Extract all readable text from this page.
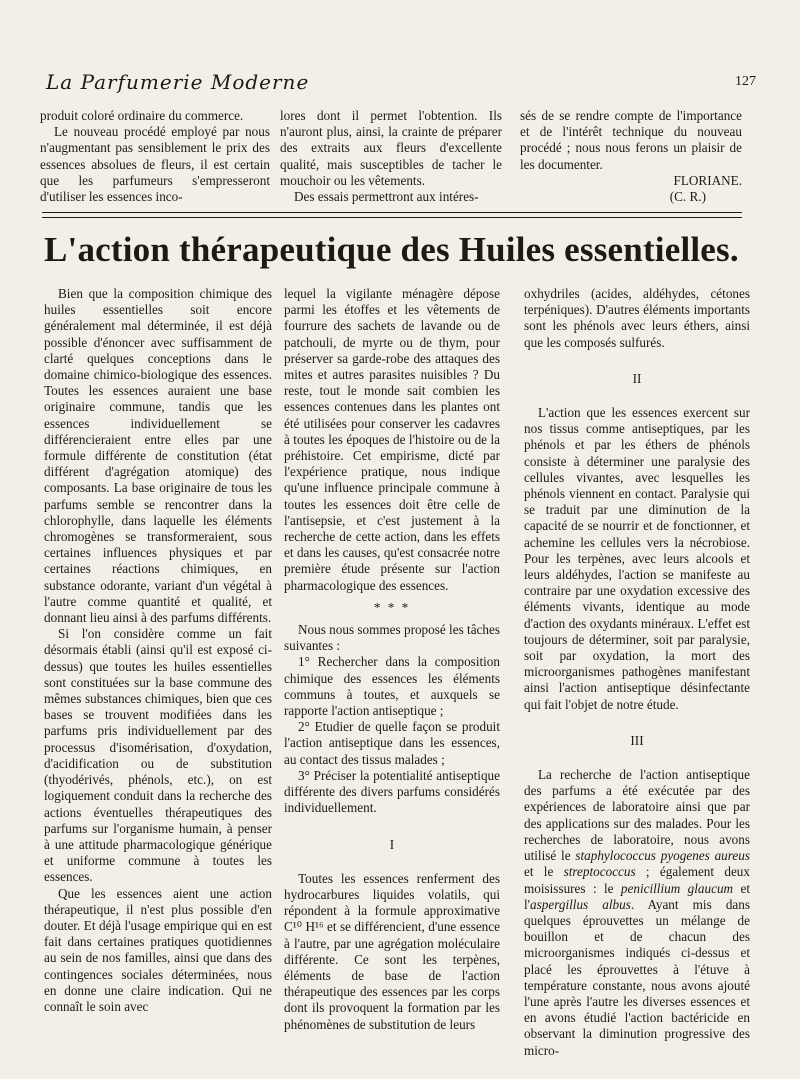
La Parfumerie Moderne	127

produit coloré ordinaire du commerce.

Le nouveau procédé employé par nous n'augmentant pas sensiblement le prix des essences absolues de fleurs, il est certain que les parfumeurs s'empresseront d'utiliser les essences inco-

lores dont il permet l'obtention. Ils n'auront plus, ainsi, la crainte de préparer des extraits aux fleurs d'excellente qualité, mais susceptibles de tacher le mouchoir ou les vêtements.

Des essais permettront aux intéres-

sés de se rendre compte de l'importance et de l'intérêt technique du nouveau procédé ; nous nous ferons un plaisir de les documenter.

FLORIANE.

(C. R.)

L'action thérapeutique des Huiles essentielles.

Bien que la composition chimique des huiles essentielles soit encore généralement mal déterminée, il est déjà possible d'énoncer avec suffisamment de clarté quelques conceptions dans le domaine chimico-biologique des essences. Toutes les essences auraient une base originaire commune, tandis que les essences individuellement se différencieraient entre elles par une formule différente de constitution (état différent d'agrégation atomique) des composants. La base originaire de tous les parfums semble se rencontrer dans la chlorophylle, dans laquelle les éléments chromogènes se transformeraient, sous certaines influences physiques et par certaines réactions chimiques, en substance odorante, variant d'un végétal à l'autre comme quantité et qualité, et donnant lieu ainsi à des parfums différents.

Si l'on considère comme un fait désormais établi (ainsi qu'il est exposé ci-dessus) que toutes les huiles essentielles sont constituées sur la base commune des mêmes substances chimiques, bien que ces bases se trouvent modifiées dans les parfums pris individuellement par des processus d'isomérisation, d'oxydation, d'acidification ou de substitution (thyodérivés, phénols, etc.), on est logiquement conduit dans la recherche des actions éventuelles thérapeutiques des parfums sur l'organisme humain, à penser à une attitude pharmacologique générique et uniforme commune à toutes les essences.

Que les essences aient une action thérapeutique, il n'est plus possible d'en douter. Et déjà l'usage empirique qui en est fait dans certaines pratiques quotidiennes au sein de nos familles, ainsi que dans des contingences sociales déterminées, nous en donne une claire indication. Qui ne connaît le soin avec

lequel la vigilante ménagère dépose parmi les étoffes et les vêtements de fourrure des sachets de lavande ou de patchouli, de myrte ou de thym, pour préserver sa garde-robe des attaques des mites et autres parasites nuisibles ? Du reste, tout le monde sait combien les essences contenues dans les plantes ont été utilisées pour conserver les cadavres à toutes les époques de l'histoire ou de la préhistoire. Cet empirisme, dicté par l'expérience pratique, nous indique qu'une influence principale commune à toutes les essences doit être celle de l'antisepsie, et c'est justement à la recherche de cette action, dans les effets et dans les causes, qu'est consacrée notre première étude présente sur l'action pharmacologique des essences.

* * *

Nous nous sommes proposé les tâches suivantes :

1° Rechercher dans la composition chimique des essences les éléments communs à toutes, et auxquels se rapporte l'action antiseptique ;

2° Etudier de quelle façon se produit l'action antiseptique dans les essences, au contact des tissus malades ;

3° Préciser la potentialité antiseptique différente des divers parfums considérés individuellement.

I

Toutes les essences renferment des hydrocarbures liquides volatils, qui répondent à la formule approximative C¹⁰ H¹⁶ et se différencient, d'une essence à l'autre, par une agrégation moléculaire différente. Ce sont les terpènes, éléments de base de l'action thérapeutique des essences par les corps dont ils provoquent la formation par les phénomènes de substitution de leurs

oxhydriles (acides, aldéhydes, cétones terpéniques). D'autres éléments importants sont les phénols avec leurs éthers, ainsi que les composés sulfurés.

II

L'action que les essences exercent sur nos tissus comme antiseptiques, par les phénols et par les éthers de phénols consiste à déterminer une paralysie des cellules vivantes, avec lesquelles les phénols viennent en contact. Paralysie qui se traduit par une diminution de la capacité de se nourrir et de fonctionner, et achemine les cellules vers la nécrobiose. Pour les terpènes, avec leurs alcools et leurs aldéhydes, l'action se manifeste au contraire par une oxydation excessive des éléments vivants, identique au mode d'action des oxydants minéraux. L'effet est toujours de déterminer, soit par paralysie, soit par oxydation, la mort des microorganismes pathogènes manifestant ainsi l'action antiseptique désinfectante qui fait l'objet de notre étude.

III

La recherche de l'action antiseptique des parfums a été exécutée par des expériences de laboratoire ainsi que par des applications sur des malades. Pour les recherches de laboratoire, nous avons utilisé le staphylococcus pyogenes aureus et le streptococcus ; également deux moisissures : le penicillium glaucum et l'aspergillus albus. Ayant mis dans quelques éprouvettes un mélange de bouillon et de chacun des microorganismes indiqués ci-dessus et placé les éprouvettes à l'étuve à température constante, nous avons ajouté l'une après l'autre les diverses essences et en avons étudié l'action bactéricide en observant la diminution progressive des micro-
